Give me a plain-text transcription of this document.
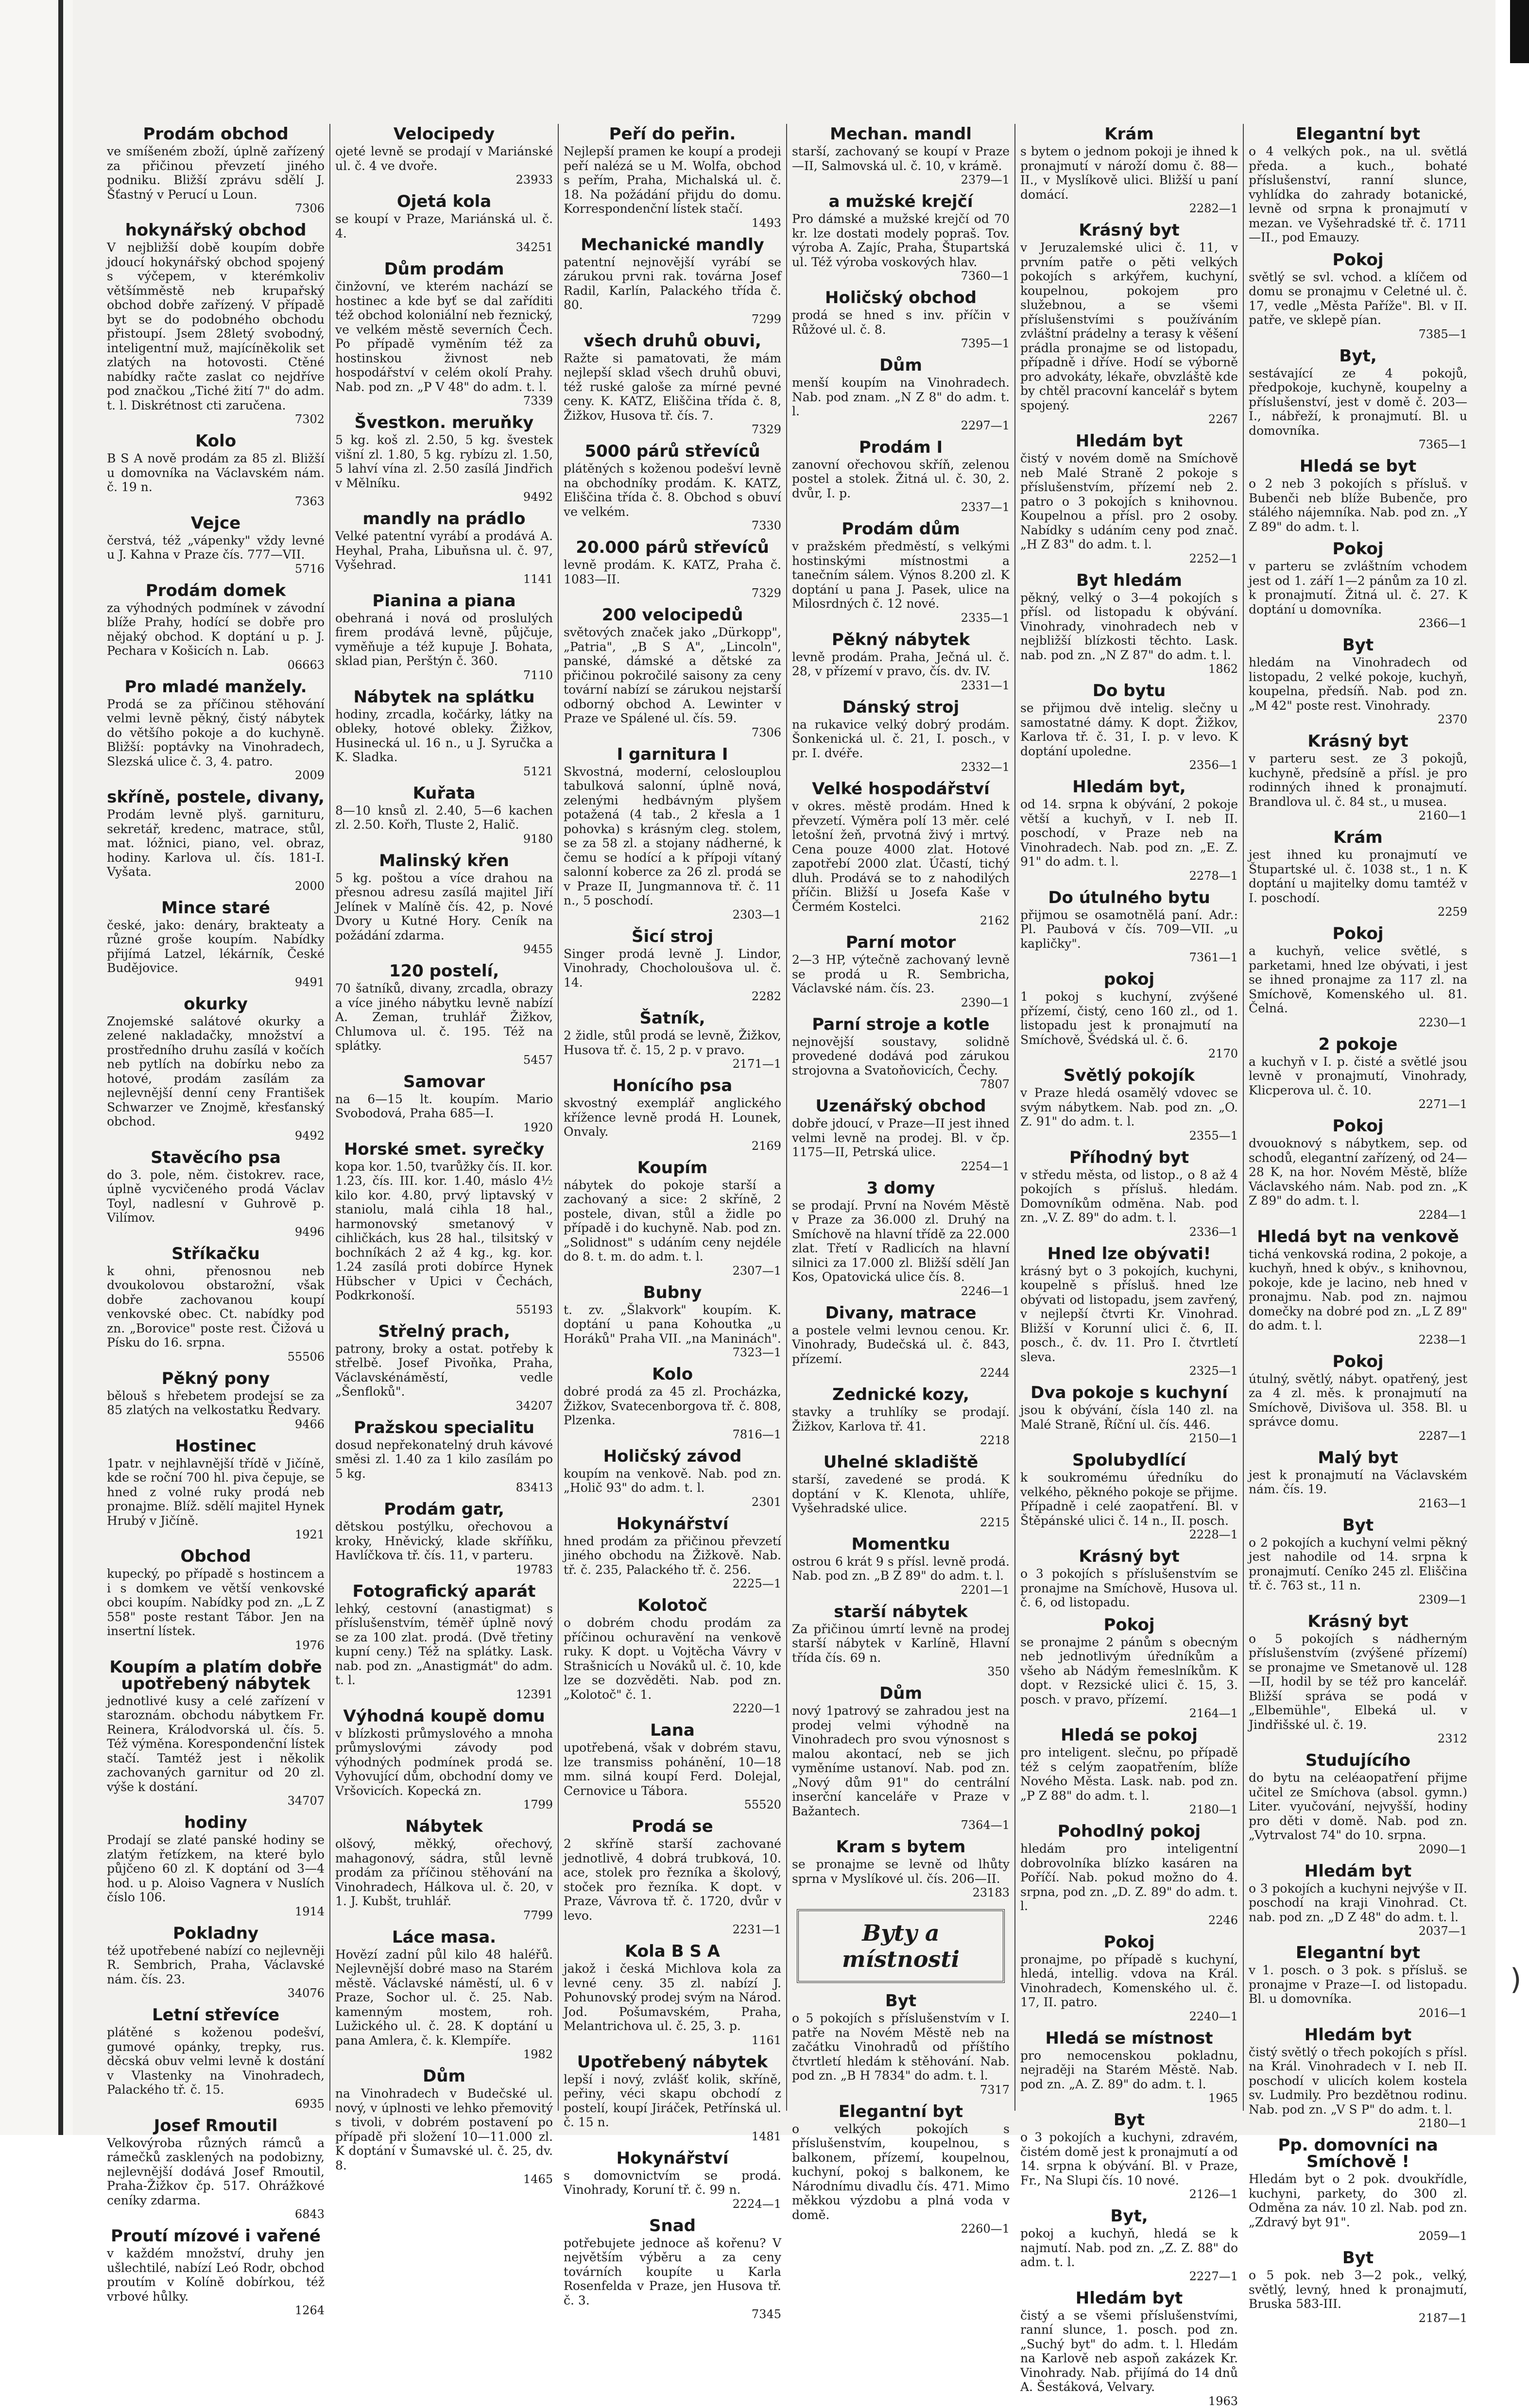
Prodám obchod

ve smíšeném zboží, úplně zařízený za přičinou převzetí jiného podniku. Bližší zprávu sdělí J. Šťastný v Perucí u Loun.

7306
hokynářský obchod

V nejbližší době koupím dobře jdoucí hokynářský obchod spojený s výčepem, v kterémkoliv většímměstě neb krupařský obchod dobře zařízený. V případě byt se do podobného obchodu přistoupí. Jsem 28letý svobodný, inteligentní muž, majícíněkolik set zlatých na hotovosti. Ctěné nabídky račte zaslat co nejdříve pod značkou „Tiché žití 7" do adm. t. l. Diskrétnost cti zaručena.

7302
Kolo

B S A nově prodám za 85 zl. Bližší u domovníka na Václavském nám. č. 19 n.

7363
Vejce

čerstvá, též „vápenky" vždy levné u J. Kahna v Praze čís. 777—VII.

5716
Prodám domek

za výhodných podmínek v závodní blíže Prahy, hodící se dobře pro nějaký obchod. K doptání u p. J. Pechara v Košicích n. Lab.

06663
Pro mladé manžely.

Prodá se za příčinou stěhování velmi levně pěkný, čistý nábytek do většího pokoje a do kuchyně. Bližší: poptávky na Vinohradech, Slezská ulice č. 3, 4. patro.

2009
skříně, postele, divany,

Prodám levně plyš. garnituru, sekretář, kredenc, matrace, stůl, mat. lóžnici, piano, vel. obraz, hodiny. Karlova ul. čís. 181-I. Vyšata.

2000
Mince staré

české, jako: denáry, brakteaty a různé groše koupím. Nabídky přijímá Latzel, lékárník, České Budějovice.

9491
okurky

Znojemské salátové okurky a zelené nakladačky, množství a prostředního druhu zasílá v kočích neb pytlích na dobírku nebo za hotové, prodám zasílám za nejlevnější denní ceny František Schwarzer ve Znojmě, křesťanský obchod.

9492
Stavěcího psa

do 3. pole, něm. čistokrev. race, úplně vycvičeného prodá Václav Toyl, nadlesní v Guhrově p. Vilímov.

9496
Stříkačku

k ohni, přenosnou neb dvoukolovou obstarožní, však dobře zachovanou koupí venkovské obec. Ct. nabídky pod zn. „Borovice" poste rest. Čižová u Písku do 16. srpna.

55506
Pěkný pony

bělouš s hřebetem prodejsí se za 85 zlatých na velkostatku Ředvary.

9466
Hostinec

1patr. v nejhlavnější třídě v Jičíně, kde se roční 700 hl. piva čepuje, se hned z volné ruky prodá neb pronajme. Blíž. sdělí majitel Hynek Hrubý v Jičíně.

1921
Obchod

kupecký, po případě s hostincem a i s domkem ve větší venkovské obci koupím. Nabídky pod zn. „L Z 558" poste restant Tábor. Jen na insertní lístek.

1976
Koupím a platím dobře upotřebený nábytek

jednotlivé kusy a celé zařízení v staroznám. obchodu nábytkem Fr. Reinera, Králodvorská ul. čís. 5. Též výměna. Korespondenční lístek stačí. Tamtéž jest i několik zachovaných garnitur od 20 zl. výše k dostání.

34707
hodiny

Prodají se zlaté panské hodiny se zlatým řetízkem, na které bylo půjčeno 60 zl. K doptání od 3—4 hod. u p. Aloiso Vagnera v Nuslích číslo 106.

1914
Pokladny

též upotřebené nabízí co nejlevněji R. Sembrich, Praha, Václavské nám. čís. 23.

34076
Letní střevíce

plátěné s koženou podešví, gumové opánky, trepky, rus. děcská obuv velmi levně k dostání v Vlastenky na Vinohradech, Palackého tř. č. 15.

6935
Josef Rmoutil

Velkovýroba různých rámců a rámečků zasklených na podobizny, nejlevnější dodává Josef Rmoutil, Praha-Žižkov čp. 517. Ohrážkové ceníky zdarma.

6843
Proutí mízové i vařené

v každém množství, druhy jen ušlechtilé, nabízí Leó Rodr, obchod proutím v Kolíně dobírkou, též vrbové hůlky.

1264
Velocipedy

ojeté levně se prodají v Mariánské ul. č. 4 ve dvoře.

23933
Ojetá kola

se koupí v Praze, Mariánská ul. č. 4.

34251
Dům prodám

činžovní, ve kterém nachází se hostinec a kde byť se dal zaříditi též obchod koloniální neb řeznický, ve velkém městě severních Čech. Po případě vyměním též za hostinskou živnost neb hospodářství v celém okolí Prahy. Nab. pod zn. „P V 48" do adm. t. l.

7339
Švestkon. meruňky

5 kg. koš zl. 2.50, 5 kg. švestek višní zl. 1.80, 5 kg. rybízu zl. 1.50, 5 lahví vína zl. 2.50 zasílá Jindřich v Mělníku.

9492
mandly na prádlo

Velké patentní vyrábí a prodává A. Heyhal, Praha, Libuňsna ul. č. 97, Vyšehrad.

1141
Pianina a piana

obehraná i nová od proslulých firem prodává levně, půjčuje, vyměňuje a též kupuje J. Bohata, sklad pian, Perštýn č. 360.

7110
Nábytek na splátku

hodiny, zrcadla, kočárky, látky na obleky, hotové obleky. Žižkov, Husinecká ul. 16 n., u J. Syručka a K. Sladka.

5121
Kuřata

8—10 knsů zl. 2.40, 5—6 kachen zl. 2.50. Kořh, Tluste 2, Halič.

9180
Malinský křen

5 kg. poštou a více drahou na přesnou adresu zasílá majitel Jiří Jelínek v Malíně čís. 42, p. Nové Dvory u Kutné Hory. Ceník na požádání zdarma.

9455
120 postelí,

70 šatníků, divany, zrcadla, obrazy a více jiného nábytku levně nabízí A. Zeman, truhlář Žižkov, Chlumova ul. č. 195. Též na splátky.

5457
Samovar

na 6—15 lt. koupím. Mario Svobodová, Praha 685—I.

1920
Horské smet. syrečky

kopa kor. 1.50, tvarůžky čís. II. kor. 1.23, čís. III. kor. 1.40, máslo 4½ kilo kor. 4.80, prvý liptavský v staniolu, malá cihla 18 hal., harmonovský smetanový v cihličkách, kus 28 hal., tilsitský v bochníkách 2 až 4 kg., kg. kor. 1.24 zasílá proti dobírce Hynek Hübscher v Upici v Čechách, Podkrkonoší.

55193
Střelný prach,

patrony, broky a ostat. potřeby k střelbě. Josef Pivoňka, Praha, Václavskénáměstí, vedle „Šenfloků".

34207
Pražskou specialitu

dosud nepřekonatelný druh kávové směsi zl. 1.40 za 1 kilo zasílám po 5 kg.

83413
Prodám gatr,

dětskou postýlku, ořechovou a kroky, Hněvický, klade skříňku, Havlíčkova tř. čís. 11, v parteru.

19783
Fotografický aparát

lehký, cestovní (anastigmat) s příslušenstvím, téměř úplně nový se za 100 zlat. prodá. (Dvě třetiny kupní ceny.) Též na splátky. Lask. nab. pod zn. „Anastigmát" do adm. t. l.

12391
Výhodná koupě domu

v blízkosti průmyslového a mnoha průmyslovými závody pod výhodných podmínek prodá se. Vyhovující dům, obchodní domy ve Vršovicích. Kopecká zn.

1799
Nábytek

olšový, měkký, ořechový, mahagonový, sádra, stůl levně prodám za příčinou stěhování na Vinohradech, Hálkova ul. č. 20, v 1. J. Kubšt, truhlář.

7799
Láce masa.

Hovězí zadní půl kilo 48 haléřů. Nejlevnější dobré maso na Starém městě. Václavské náměstí, ul. 6 v Praze, Sochor ul. č. 25. Nab. kamenným mostem, roh. Lužického ul. č. 28. K doptání u pana Amlera, č. k. Klempíře.

1982
Dům

na Vinohradech v Budečské ul. nový, v úplnosti ve lehko přemovitý s tivoli, v dobrém postavení po případě při složení 10—11.000 zl. K doptání v Šumavské ul. č. 25, dv. 8.

1465
Peří do peřin.

Nejlepší pramen ke koupí a prodeji peří nalézá se u M. Wolfa, obchod s peřím, Praha, Michalská ul. č. 18. Na požádání přijdu do domu. Korrespondenční lístek stačí.

1493
Mechanické mandly

patentní nejnovější vyrábí se zárukou prvni rak. továrna Josef Radil, Karlín, Palackého třída č. 80.

7299
všech druhů obuvi,

Ražte si pamatovati, že mám nejlepší sklad všech druhů obuvi, též ruské galoše za mírné pevné ceny. K. KATZ, Eliščina třída č. 8, Žižkov, Husova tř. čís. 7.

7329
5000 párů střevíců

plátěných s koženou podešví levně na obchodníky prodám. K. KATZ, Eliščina třída č. 8. Obchod s obuví ve velkém.

7330
20.000 párů střevíců

levně prodám. K. KATZ, Praha č. 1083—II.

7329
200 velocipedů

světových značek jako „Dürkopp", „Patria", „B S A", „Lincoln", panské, dámské a dětské za přičinou pokročilé saisony za ceny tovární nabízí se zárukou nejstarší odborný obchod A. Lewinter v Praze ve Spálené ul. čís. 59.

7306
I garnitura I

Skvostná, moderní, celoslouplou tabulková salonní, úplně nová, zelenými hedbávným plyšem potažená (4 tab., 2 křesla a 1 pohovka) s krásným cleg. stolem, se za 58 zl. a stojany nádherné, k čemu se hodící a k přípoji vítaný salonní koberce za 26 zl. prodá se v Praze II, Jungmannova tř. č. 11 n., 5 poschodí.

2303—1
Šicí stroj

Singer prodá levně J. Lindor, Vinohrady, Chocholoušova ul. č. 14.

2282
Šatník,

2 židle, stůl prodá se levně, Žižkov, Husova tř. č. 15, 2 p. v pravo.

2171—1
Honícího psa

skvostný exemplář anglického křížence levně prodá H. Lounek, Onvaly.

2169
Koupím

nábytek do pokoje starší a zachovaný a sice: 2 skříně, 2 postele, divan, stůl a židle po případě i do kuchyně. Nab. pod zn. „Solidnost" s udáním ceny nejdéle do 8. t. m. do adm. t. l.

2307—1
Bubny

t. zv. „Šlakvork" koupím. K. doptání u pana Kohoutka „u Horáků" Praha VII. „na Maninách".

7323—1
Kolo

dobré prodá za 45 zl. Procházka, Žižkov, Svatecenborgova tř. č. 808, Plzenka.

7816—1
Holičský závod

koupím na venkově. Nab. pod zn. „Holič 93" do adm. t. l.

2301
Hokynářství

hned prodám za přičinou převzetí jiného obchodu na Žižkově. Nab. tř. č. 235, Palackého tř. č. 256.

2225—1
Kolotoč

o dobrém chodu prodám za příčinou ochuravění na venkově ruky. K dopt. u Vojtěcha Vávry v Strašnicích u Nováků ul. č. 10, kde lze se dozvěděti. Nab. pod zn. „Kolotoč" č. 1.

2220—1
Lana

upotřebená, však v dobrém stavu, lze transmiss pohánění, 10—18 mm. silná koupí Ferd. Dolejal, Cernovice u Tábora.

55520
Prodá se

2 skříně starší zachované jednotlivě, 4 dobrá trubková, 10. ace, stolek pro řezníka a školový, stoček pro řezníka. K dopt. v Praze, Vávrova tř. č. 1720, dvůr v levo.

2231—1
Kola B S A

jakož i česká Michlova kola za levné ceny. 35 zl. nabízí J. Pohunovský prodej svým na Národ. Jod. Pošumavském, Praha, Melantrichova ul. č. 25, 3. p.

1161
Upotřebený nábytek

lepší i nový, zvlášť kolik, skříně, peřiny, véci skapu obchodí z postelí, koupí Jiráček, Petřínská ul. č. 15 n.

1481
Hokynářství

s domovnictvím se prodá. Vinohrady, Koruní tř. č. 99 n.

2224—1
Snad

potřebujete jednoce aš kořenu? V největším výběru a za ceny továrních koupíte u Karla Rosenfelda v Praze, jen Husova tř. č. 3.

7345
Mechan. mandl

starší, zachovaný se koupí v Praze—II, Salmovská ul. č. 10, v krámě.

2379—1
a mužské krejčí

Pro dámské a mužské krejčí od 70 kr. lze dostati modely popraš. Tov. výroba A. Zajíc, Praha, Štupartská ul. Též výroba voskových hlav.

7360—1
Holičský obchod

prodá se hned s inv. příčin v Růžové ul. č. 8.

7395—1
Dům

menší koupím na Vinohradech. Nab. pod znam. „N Z 8" do adm. t. l.

2297—1
Prodám I

zanovní ořechovou skříň, zelenou postel a stolek. Žitná ul. č. 30, 2. dvůr, I. p.

2337—1
Prodám dům

v pražském předměstí, s velkými hostinskými místnostmi a tanečním sálem. Výnos 8.200 zl. K doptání u pana J. Pasek, ulice na Milosrdných č. 12 nové.

2335—1
Pěkný nábytek

levně prodám. Praha, Ječná ul. č. 28, v přízemí v pravo, čís. dv. IV.

2331—1
Dánský stroj

na rukavice velký dobrý prodám. Šonkenická ul. č. 21, I. posch., v pr. I. dvéře.

2332—1
Velké hospodářství

v okres. městě prodám. Hned k převzetí. Výměra polí 13 měr. celé letošní žeň, prvotná živý i mrtvý. Cena pouze 4000 zlat. Hotové zapotřebí 2000 zlat. Účastí, tichý dluh. Prodává se to z nahodilých příčin. Bližší u Josefa Kaše v Čermém Kostelci.

2162
Parní motor

2—3 HP, výtečně zachovaný levně se prodá u R. Sembricha, Václavské nám. čís. 23.

2390—1
Parní stroje a kotle

nejnovější soustavy, solidně provedené dodává pod zárukou strojovna a Svatoňovicích, Čechy.

7807
Uzenářský obchod

dobře jdoucí, v Praze—II jest ihned velmi levně na prodej. Bl. v čp. 1175—II, Petrská ulice.

2254—1
3 domy

se prodají. První na Novém Městě v Praze za 36.000 zl. Druhý na Smíchově na hlavní třídě za 22.000 zlat. Třetí v Radlicích na hlavní silnici za 17.000 zl. Bližší sdělí Jan Kos, Opatovická ulice čís. 8.

2246—1
Divany, matrace

a postele velmi levnou cenou. Kr. Vinohrady, Budečská ul. č. 843, přízemí.

2244
Zednické kozy,

stavky a truhlíky se prodají. Žižkov, Karlova tř. 41.

2218
Uhelné skladiště

starší, zavedené se prodá. K doptání v K. Klenota, uhlíře, Vyšehradské ulice.

2215
Momentku

ostrou 6 krát 9 s přísl. levně prodá. Nab. pod zn. „B Z 89" do adm. t. l.

2201—1
starší nábytek

Za přičinou úmrtí levně na prodej starší nábytek v Karlíně, Hlavní třída čís. 69 n.

350
Dům

nový 1patrový se zahradou jest na prodej velmi výhodně na Vinohradech pro svou výnosnost s malou akontací, neb se jich vyměníme ustanoví. Nab. pod zn. „Nový dům 91" do centrální inserční kanceláře v Praze v Bažantech.

7364—1
Kram s bytem

se pronajme se levně od lhůty sprna v Myslíkové ul. čís. 206—II.

23183
Byty a místnosti
Byt

o 5 pokojích s příslušenstvím v I. patře na Novém Městě neb na začátku Vinohradů od příštího čtvrtletí hledám k stěhování. Nab. pod zn. „B H 7834" do adm. t. l.

7317
Elegantní byt

o velkých pokojích s příslušenstvím, koupelnou, s balkonem, přízemí, koupelnou, kuchyní, pokoj s balkonem, ke Národnímu divadlu čís. 471. Mimo měkkou výzdobu a plná voda v domě.

2260—1
Krám

s bytem o jednom pokoji je ihned k pronajmutí v nároží domu č. 88—II., v Myslíkově ulici. Bližší u paní domácí.

2282—1
Krásný byt

v Jeruzalemské ulici č. 11, v prvním patře o pěti velkých pokojích s arkýřem, kuchyní, koupelnou, pokojem pro služebnou, a se všemi příslušenstvími s používáním zvláštní prádelny a terasy k věšení prádla pronajme se od listopadu, případně i dříve. Hodí se výborně pro advokáty, lékaře, obvzláště kde by chtěl pracovní kancelář s bytem spojený.

2267
Hledám byt

čistý v novém domě na Smíchově neb Malé Straně 2 pokoje s příslušenstvím, přízemí neb 2. patro o 3 pokojích s knihovnou. Koupelnou a přísl. pro 2 osoby. Nabídky s udáním ceny pod znač. „H Z 83" do adm. t. l.

2252—1
Byt hledám

pěkný, velký o 3—4 pokojích s přísl. od listopadu k obývání. Vinohrady, vinohradech neb v nejbližší blízkosti těchto. Lask. nab. pod zn. „N Z 87" do adm. t. l.

1862
Do bytu

se přijmou dvě intelig. slečny u samostatné dámy. K dopt. Žižkov, Karlova tř. č. 31, I. p. v levo. K doptání upoledne.

2356—1
Hledám byt,

od 14. srpna k obývání, 2 pokoje větší a kuchyň, v I. neb II. poschodí, v Praze neb na Vinohradech. Nab. pod zn. „E. Z. 91" do adm. t. l.

2278—1
Do útulného bytu

přijmou se osamotnělá paní. Adr.: Pl. Paubová v čís. 709—VII. „u kapličky".

7361—1
pokoj

1 pokoj s kuchyní, zvýšené přízemí, čistý, ceno 160 zl., od 1. listopadu jest k pronajmutí na Smíchově, Švédská ul. č. 6.

2170
Světlý pokojík

v Praze hledá osamělý vdovec se svým nábytkem. Nab. pod zn. „O. Z. 91" do adm. t. l.

2355—1
Příhodný byt

v středu města, od listop., o 8 až 4 pokojích s přísluš. hledám. Domovníkům odměna. Nab. pod zn. „V. Z. 89" do adm. t. l.

2336—1
Hned lze obývati!

krásný byt o 3 pokojích, kuchyni, koupelně s přísluš. hned lze obývati od listopadu, jsem zavřený, v nejlepší čtvrti Kr. Vinohrad. Bližší v Korunní ulici č. 6, II. posch., č. dv. 11. Pro I. čtvrtletí sleva.

2325—1
Dva pokoje s kuchyní

jsou k obývání, čísla 140 zl. na Malé Straně, Říční ul. čís. 446.

2150—1
Spolubydlící

k soukromému úředníku do velkého, pěkného pokoje se přijme. Případně i celé zaopatření. Bl. v Štěpánské ulici č. 14 n., II. posch.

2228—1
Krásný byt

o 3 pokojích s příslušenstvím se pronajme na Smíchově, Husova ul. č. 6, od listopadu.

Pokoj

se pronajme 2 pánům s obecným neb jednotlivým úředníkům a všeho ab Nádým řemeslníkům. K dopt. v Rezsické ulici č. 15, 3. posch. v pravo, přízemí.

2164—1
Hledá se pokoj

pro inteligent. slečnu, po případě též s celým zaopatřením, blíže Nového Města. Lask. nab. pod zn. „P Z 88" do adm. t. l.

2180—1
Pohodlný pokoj

hledám pro inteligentní dobrovolníka blízko kasáren na Poříčí. Nab. pokud možno do 4. srpna, pod zn. „D. Z. 89" do adm. t. l.

2246
Pokoj

pronajme, po případě s kuchyní, hledá, intellig. vdova na Král. Vinohradech, Komenského ul. č. 17, II. patro.

2240—1
Hledá se místnost

pro nemocenskou pokladnu, nejraději na Starém Městě. Nab. pod zn. „A. Z. 89" do adm. t. l.

1965
Byt

o 3 pokojích a kuchyni, zdravém, čistém domě jest k pronajmutí a od 14. srpna k obývání. Bl. v Praze, Fr., Na Slupi čís. 10 nové.

2126—1
Byt,

pokoj a kuchyň, hledá se k najmutí. Nab. pod zn. „Z. Z. 88" do adm. t. l.

2227—1
Hledám byt

čistý a se všemi příslušenstvími, ranní slunce, 1. posch. pod zn. „Suchý byt" do adm. t. l. Hledám na Karlově neb aspoň zakázek Kr. Vinohrady. Nab. přijímá do 14 dnů A. Šestáková, Velvary.

1963
Elegantní byt

o 4 velkých pok., na ul. světlá předa. a kuch., bohaté příslušenství, ranní slunce, vyhlídka do zahrady botanické, levně od srpna k pronajmutí v mezan. ve Vyšehradské tř. č. 1711—II., pod Emauzy.

Pokoj

světlý se svl. vchod. a klíčem od domu se pronajmu v Celetné ul. č. 17, vedle „Města Paříže". Bl. v II. patře, ve sklepě pían.

7385—1
Byt,

sestávající ze 4 pokojů, předpokoje, kuchyně, koupelny a příslušenství, jest v domě č. 203—I., nábřeží, k pronajmutí. Bl. u domovníka.

7365—1
Hledá se byt

o 2 neb 3 pokojích s přísluš. v Bubenči neb blíže Bubenče, pro stálého nájemníka. Nab. pod zn. „Y Z 89" do adm. t. l.

Pokoj

v parteru se zvláštním vchodem jest od 1. září 1—2 pánům za 10 zl. k pronajmutí. Žitná ul. č. 27. K doptání u domovníka.

2366—1
Byt

hledám na Vinohradech od listopadu, 2 velké pokoje, kuchyň, koupelna, předsíň. Nab. pod zn. „M 42" poste rest. Vinohrady.

2370
Krásný byt

v parteru sest. ze 3 pokojů, kuchyně, předsíně a přísl. je pro rodinných ihned k pronajmutí. Brandlova ul. č. 84 st., u musea.

2160—1
Krám

jest ihned ku pronajmutí ve Štupartské ul. č. 1038 st., 1 n. K doptání u majitelky domu tamtéž v I. poschodí.

2259
Pokoj

a kuchyň, velice světlé, s parketami, hned lze obývati, i jest se ihned pronajme za 117 zl. na Smíchově, Komenského ul. 81. Čelná.

2230—1
2 pokoje

a kuchyň v I. p. čisté a světlé jsou levně v pronajmutí, Vinohrady, Klicperova ul. č. 10.

2271—1
Pokoj

dvouoknový s nábytkem, sep. od schodů, elegantní zařízený, od 24—28 K, na hor. Novém Městě, blíže Václavského nám. Nab. pod zn. „K Z 89" do adm. t. l.

2284—1
Hledá byt na venkově

tichá venkovská rodina, 2 pokoje, a kuchyň, hned k obýv., s knihovnou, pokoje, kde je lacino, neb hned v pronajmu. Nab. pod zn. najmou domečky na dobré pod zn. „L Z 89" do adm. t. l.

2238—1
Pokoj

útulný, světlý, nábyt. opatřený, jest za 4 zl. měs. k pronajmutí na Smíchově, Divišova ul. 358. Bl. u správce domu.

2287—1
Malý byt

jest k pronajmutí na Václavském nám. čís. 19.

2163—1
Byt

o 2 pokojích a kuchyní velmi pěkný jest nahodile od 14. srpna k pronajmutí. Ceníko 245 zl. Eliščina tř. č. 763 st., 11 n.

2309—1
Krásný byt

o 5 pokojích s nádherným příslušenstvím (zvýšené přízemí) se pronajme ve Smetanově ul. 128—II, hodil by se též pro kancelář. Bližší správa se podá v „Elbemühle", Elbeká ul. v Jindřišské ul. č. 19.

2312
Studujícího

do bytu na celéaopatření přijme učitel ze Smíchova (absol. gymn.) Liter. vyučování, nejvyšší, hodiny pro děti v domě. Nab. pod zn. „Vytrvalost 74" do 10. srpna.

2090—1
Hledám byt

o 3 pokojích a kuchyni nejvýše v II. poschodí na kraji Vinohrad. Ct. nab. pod zn. „D Z 48" do adm. t. l.

2037—1
Elegantní byt

v 1. posch. o 3 pok. s přísluš. se pronajme v Praze—I. od listopadu. Bl. u domovníka.

2016—1
Hledám byt

čistý světlý o třech pokojích s přísl. na Král. Vinohradech v I. neb II. poschodí v ulicích kolem kostela sv. Ludmily. Pro bezdětnou rodinu. Nab. pod zn. „V S P" do adm. t. l.

2180—1
Pp. domovníci na Smíchově !

Hledám byt o 2 pok. dvoukřídle, kuchyni, parkety, do 300 zl. Odměna za náv. 10 zl. Nab. pod zn. „Zdravý byt 91".

2059—1
Byt

o 5 pok. neb 3—2 pok., velký, světlý, levný, hned k pronajmutí, Bruska 583-III.

2187—1
)
